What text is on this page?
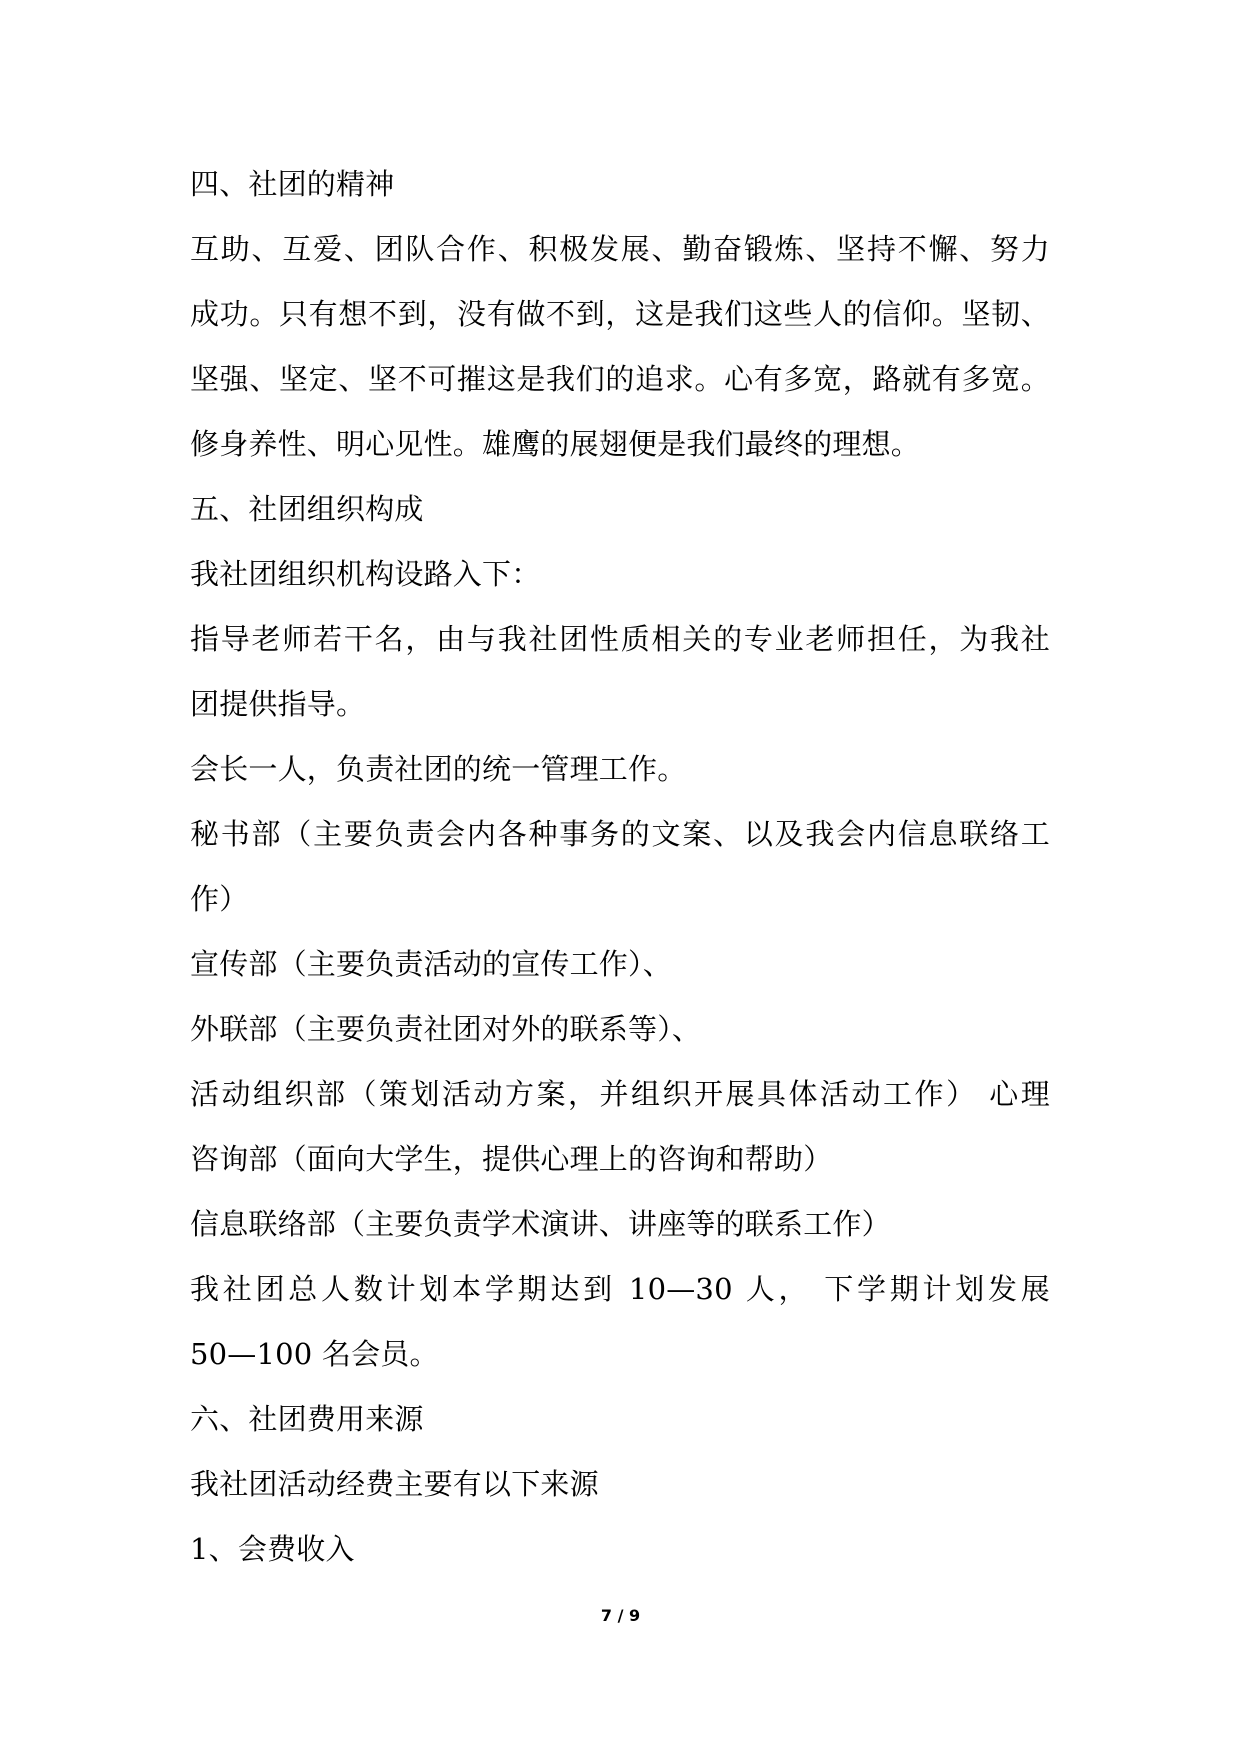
四、社团的精神
互助、互爱、团队合作、积极发展、勤奋锻炼、坚持不懈、努力
成功。只有想不到，没有做不到，这是我们这些人的信仰。坚韧、
坚强、坚定、坚不可摧这是我们的追求。心有多宽，路就有多宽。
修身养性、明心见性。雄鹰的展翅便是我们最终的理想。
五、社团组织构成
我社团组织机构设路入下：
指导老师若干名，由与我社团性质相关的专业老师担任，为我社
团提供指导。
会长一人，负责社团的统一管理工作。
秘书部（主要负责会内各种事务的文案、以及我会内信息联络工
作）
宣传部（主要负责活动的宣传工作）、
外联部（主要负责社团对外的联系等）、
活动组织部（策划活动方案，并组织开展具体活动工作） 心理
咨询部（面向大学生，提供心理上的咨询和帮助）
信息联络部（主要负责学术演讲、讲座等的联系工作）
我社团总人数计划本学期达到 10—30 人， 下学期计划发展
50—100 名会员。
六、社团费用来源
我社团活动经费主要有以下来源
1、会费收入
7 / 9
